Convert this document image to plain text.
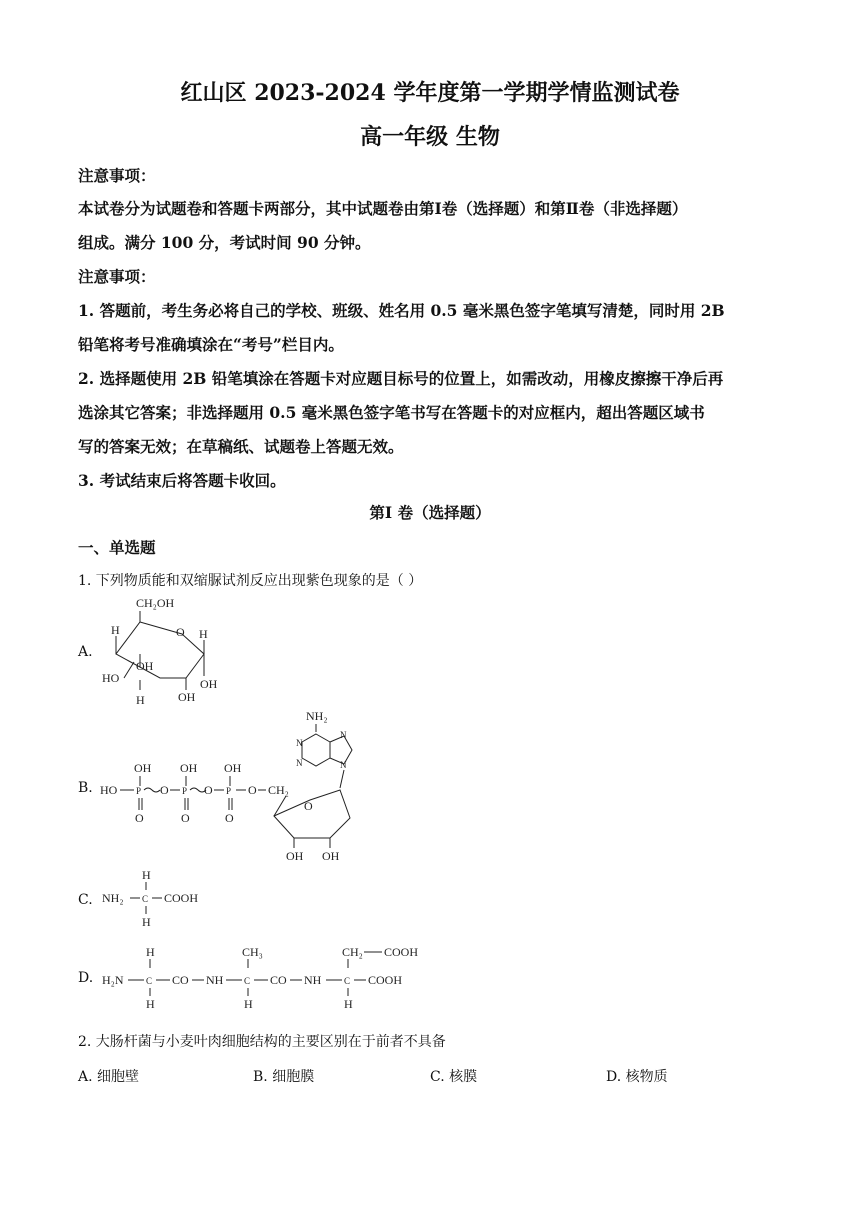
红山区 2023-2024 学年度第一学期学情监测试卷
高一年级 生物
注意事项：
本试卷分为试题卷和答题卡两部分，其中试题卷由第Ⅰ卷（选择题）和第Ⅱ卷（非选择题）
组成。满分 100 分，考试时间 90 分钟。
注意事项：
1. 答题前，考生务必将自己的学校、班级、姓名用 0.5 毫米黑色签字笔填写清楚，同时用 2B
铅笔将考号准确填涂在“考号”栏目内。
2. 选择题使用 2B 铅笔填涂在答题卡对应题目标号的位置上，如需改动，用橡皮擦擦干净后再
选涂其它答案；非选择题用 0.5 毫米黑色签字笔书写在答题卡的对应框内，超出答题区域书
写的答案无效；在草稿纸、试题卷上答题无效。
3. 考试结束后将答题卡收回。
第Ⅰ 卷（选择题）
一、单选题
1. 下列物质能和双缩脲试剂反应出现紫色现象的是（ ）
A.
CH₂OH
O
H	H
OH
HO
H	OH
OH
B.
NH₂
N
N
N
N
OH OH OH
HO P O P O P O CH₂
O	O	O
O
OH OH
C.
H
NH₂ C COOH
H
D.
H	CH₃	CH₂ COOH
H₂N C CO NH C CO NH	C COOH
H	H	H
2. 大肠杆菌与小麦叶肉细胞结构的主要区别在于前者不具备
A. 细胞壁	B. 细胞膜	C. 核膜	D. 核物质
